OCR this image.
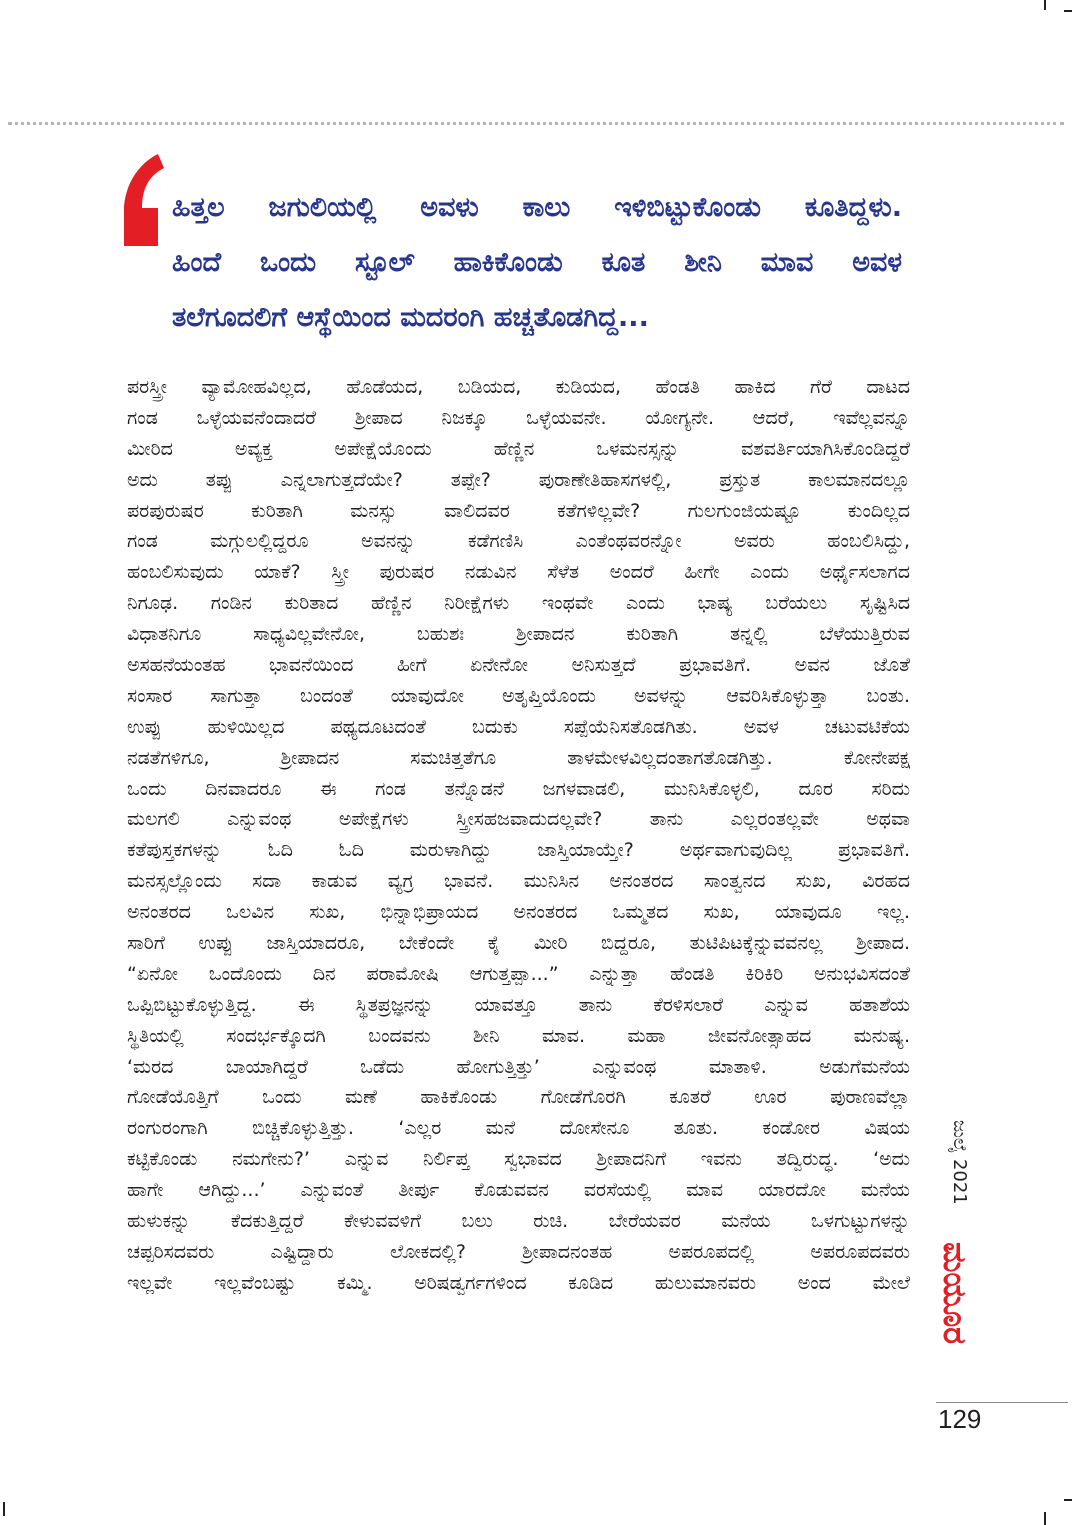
ಹಿತ್ತಲ ಜಗುಲಿಯಲ್ಲಿ ಅವಳು ಕಾಲು ಇಳಿಬಿಟ್ಟುಕೊಂಡು ಕೂತಿದ್ದಳು.
ಹಿಂದೆ ಒಂದು ಸ್ಟೂಲ್ ಹಾಕಿಕೊಂಡು ಕೂತ ಶೀನಿ ಮಾವ ಅವಳ
ತಲೆಗೂದಲಿಗೆ ಆಸ್ಥೆಯಿಂದ ಮದರಂಗಿ ಹಚ್ಚತೊಡಗಿದ್ದ...

ಪರಸ್ತ್ರೀ ವ್ಯಾಮೋಹವಿಲ್ಲದ, ಹೊಡೆಯದ, ಬಡಿಯದ, ಕುಡಿಯದ, ಹೆಂಡತಿ ಹಾಕಿದ ಗೆರೆ ದಾಟದ
ಗಂಡ ಒಳ್ಳೆಯವನೆಂದಾದರೆ ಶ್ರೀಪಾದ ನಿಜಕ್ಕೂ ಒಳ್ಳೆಯವನೇ. ಯೋಗ್ಯನೇ. ಆದರೆ, ಇವೆಲ್ಲವನ್ನೂ
ಮೀರಿದ ಅವ್ಯಕ್ತ ಅಪೇಕ್ಷೆಯೊಂದು ಹೆಣ್ಣಿನ ಒಳಮನಸ್ಸನ್ನು ವಶವರ್ತಿಯಾಗಿಸಿಕೊಂಡಿದ್ದರೆ
ಅದು ತಪ್ಪು ಎನ್ನಲಾಗುತ್ತದೆಯೇ? ತಪ್ಪೇ? ಪುರಾಣೇತಿಹಾಸಗಳಲ್ಲಿ, ಪ್ರಸ್ತುತ ಕಾಲಮಾನದಲ್ಲೂ
ಪರಪುರುಷರ ಕುರಿತಾಗಿ ಮನಸ್ಸು ವಾಲಿದವರ ಕತೆಗಳಿಲ್ಲವೇ? ಗುಲಗುಂಜಿಯಷ್ಟೂ ಕುಂದಿಲ್ಲದ
ಗಂಡ ಮಗ್ಗುಲಲ್ಲಿದ್ದರೂ ಅವನನ್ನು ಕಡೆಗಣಿಸಿ ಎಂತೆಂಥವರನ್ನೋ ಅವರು ಹಂಬಲಿಸಿದ್ದು,
ಹಂಬಲಿಸುವುದು ಯಾಕೆ? ಸ್ತ್ರೀ ಪುರುಷರ ನಡುವಿನ ಸೆಳೆತ ಅಂದರೆ ಹೀಗೇ ಎಂದು ಅರ್ಥೈಸಲಾಗದ
ನಿಗೂಢ. ಗಂಡಿನ ಕುರಿತಾದ ಹೆಣ್ಣಿನ ನಿರೀಕ್ಷೆಗಳು ಇಂಥವೇ ಎಂದು ಭಾಷ್ಯ ಬರೆಯಲು ಸೃಷ್ಟಿಸಿದ
ವಿಧಾತನಿಗೂ ಸಾಧ್ಯವಿಲ್ಲವೇನೋ, ಬಹುಶಃ ಶ್ರೀಪಾದನ ಕುರಿತಾಗಿ ತನ್ನಲ್ಲಿ ಬೆಳೆಯುತ್ತಿರುವ
ಅಸಹನೆಯಂತಹ ಭಾವನೆಯಿಂದ ಹೀಗೆ ಏನೇನೋ ಅನಿಸುತ್ತದೆ ಪ್ರಭಾವತಿಗೆ. ಅವನ ಜೊತೆ
ಸಂಸಾರ ಸಾಗುತ್ತಾ ಬಂದಂತೆ ಯಾವುದೋ ಅತೃಪ್ತಿಯೊಂದು ಅವಳನ್ನು ಆವರಿಸಿಕೊಳ್ಳುತ್ತಾ ಬಂತು.
ಉಪ್ಪು ಹುಳಿಯಿಲ್ಲದ ಪಥ್ಯದೂಟದಂತೆ ಬದುಕು ಸಪ್ಪೆಯೆನಿಸತೊಡಗಿತು. ಅವಳ ಚಟುವಟಿಕೆಯ
ನಡತೆಗಳಿಗೂ, ಶ್ರೀಪಾದನ ಸಮಚಿತ್ತತೆಗೂ ತಾಳಮೇಳವಿಲ್ಲದಂತಾಗತೊಡಗಿತ್ತು. ಕೋನೇಪಕ್ಷ
ಒಂದು ದಿನವಾದರೂ ಈ ಗಂಡ ತನ್ನೊಡನೆ ಜಗಳವಾಡಲಿ, ಮುನಿಸಿಕೊಳ್ಳಲಿ, ದೂರ ಸರಿದು
ಮಲಗಲಿ ಎನ್ನುವಂಥ ಅಪೇಕ್ಷೆಗಳು ಸ್ತ್ರೀಸಹಜವಾದುದಲ್ಲವೇ? ತಾನು ಎಲ್ಲರಂತಲ್ಲವೇ ಅಥವಾ
ಕತೆಪುಸ್ತಕಗಳನ್ನು ಓದಿ ಓದಿ ಮರುಳಾಗಿದ್ದು ಜಾಸ್ತಿಯಾಯ್ತೇ? ಅರ್ಥವಾಗುವುದಿಲ್ಲ ಪ್ರಭಾವತಿಗೆ.
ಮನಸ್ಸಲ್ಲೊಂದು ಸದಾ ಕಾಡುವ ವ್ಯಗ್ರ ಭಾವನೆ. ಮುನಿಸಿನ ಅನಂತರದ ಸಾಂತ್ವನದ ಸುಖ, ವಿರಹದ
ಅನಂತರದ ಒಲವಿನ ಸುಖ, ಭಿನ್ನಾಭಿಪ್ರಾಯದ ಅನಂತರದ ಒಮ್ಮತದ ಸುಖ, ಯಾವುದೂ ಇಲ್ಲ.
ಸಾರಿಗೆ ಉಪ್ಪು ಜಾಸ್ತಿಯಾದರೂ, ಬೇಕೆಂದೇ ಕೈ ಮೀರಿ ಬಿದ್ದರೂ, ತುಟಿಪಿಟಕ್ಕೆನ್ನುವವನಲ್ಲ ಶ್ರೀಪಾದ.
“ಏನೋ ಒಂದೊಂದು ದಿನ ಪರಾಮೋಷಿ ಆಗುತ್ತಪ್ಪಾ...” ಎನ್ನುತ್ತಾ ಹೆಂಡತಿ ಕಿರಿಕಿರಿ ಅನುಭವಿಸದಂತೆ
ಒಪ್ಪಿಬಿಟ್ಟುಕೊಳ್ಳುತ್ತಿದ್ದ. ಈ ಸ್ಥಿತಪ್ರಜ್ಞನನ್ನು ಯಾವತ್ತೂ ತಾನು ಕೆರಳಿಸಲಾರೆ ಎನ್ನುವ ಹತಾಶೆಯ
ಸ್ಥಿತಿಯಲ್ಲಿ ಸಂದರ್ಭಕ್ಕೊದಗಿ ಬಂದವನು ಶೀನಿ ಮಾವ. ಮಹಾ ಜೀವನೋತ್ಸಾಹದ ಮನುಷ್ಯ.
‘ಮರದ ಬಾಯಾಗಿದ್ದರೆ ಒಡೆದು ಹೋಗುತ್ತಿತ್ತು’ ಎನ್ನುವಂಥ ಮಾತಾಳಿ. ಅಡುಗೆಮನೆಯ
ಗೋಡೆಯೊತ್ತಿಗೆ ಒಂದು ಮಣೆ ಹಾಕಿಕೊಂಡು ಗೋಡೆಗೊರಗಿ ಕೂತರೆ ಊರ ಪುರಾಣವೆಲ್ಲಾ
ರಂಗುರಂಗಾಗಿ ಬಿಚ್ಚಿಕೊಳ್ಳುತ್ತಿತ್ತು. ‘ಎಲ್ಲರ ಮನೆ ದೋಸೇನೂ ತೂತು. ಕಂಡೋರ ವಿಷಯ
ಕಟ್ಟಿಕೊಂಡು ನಮಗೇನು?’ ಎನ್ನುವ ನಿರ್ಲಿಪ್ತ ಸ್ವಭಾವದ ಶ್ರೀಪಾದನಿಗೆ ಇವನು ತದ್ವಿರುದ್ಧ. ‘ಅದು
ಹಾಗೇ ಆಗಿದ್ದು...’ ಎನ್ನುವಂತೆ ತೀರ್ಪು ಕೊಡುವವನ ವರಸೆಯಲ್ಲಿ ಮಾವ ಯಾರದೋ ಮನೆಯ
ಹುಳುಕನ್ನು ಕೆದಕುತ್ತಿದ್ದರೆ ಕೇಳುವವಳಿಗೆ ಬಲು ರುಚಿ. ಬೇರೆಯವರ ಮನೆಯ ಒಳಗುಟ್ಟುಗಳನ್ನು
ಚಪ್ಪರಿಸದವರು ಎಷ್ಟಿದ್ದಾರು ಲೋಕದಲ್ಲಿ? ಶ್ರೀಪಾದನಂತಹ ಅಪರೂಪದಲ್ಲಿ ಅಪರೂಪದವರು
ಇಲ್ಲವೇ ಇಲ್ಲವೆಂಬಷ್ಟು ಕಮ್ಮಿ. ಅರಿಷಡ್ವರ್ಗಗಳಿಂದ ಕೂಡಿದ ಹುಲುಮಾನವರು ಅಂದ ಮೇಲೆ
ಜುಲೈ 2021
ಮಯೂರ
129
